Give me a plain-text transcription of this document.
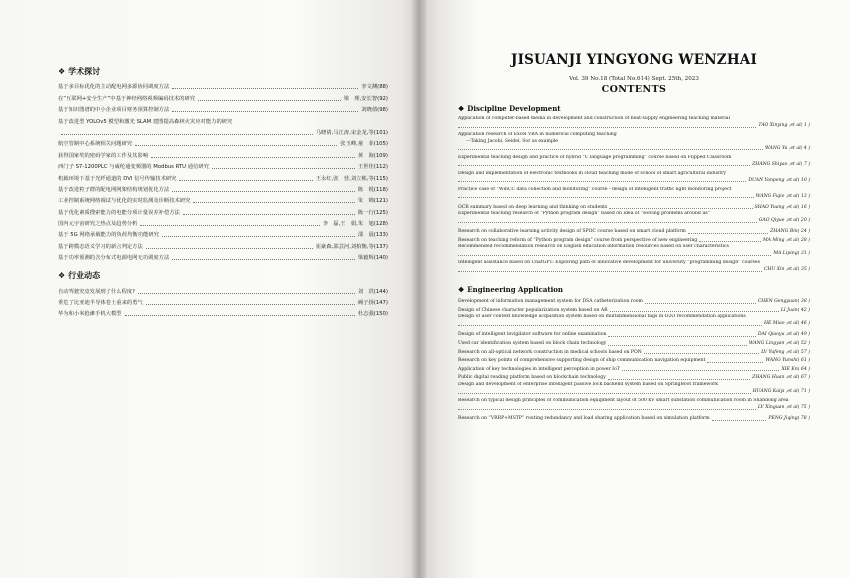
❖ 学术探讨
基于多目标优化的主动配电网多源协同调度方法	李文渊(88)
在“互联网+安全生产”中基于神经网络视频编码技术的研究	梁　理,安长智(92)
基于知识图谱的中小企业项目财务预算控制方法	刘晓倩(98)
基于改进型 YOLOv5 模型和激光 SLAM 建图提高森林火灾应对能力的研究
马晓倩,马江涛,宋金龙,等(101)
航空管制中心系统相关问题研究	张玉峰,童　菲(105)
获得国家奖的密码学家的工作及其影响	黄　海(109)
西门子 S7-1200PLC 与威纶通变频器的 Modbus RTU 通信研究	王世佳(112)
机载环境下基于光纤通道的 DVI 信号传输技术研究	王永红,张　营,刘立彬,等(115)
基于改进粒子群的配电网网架结构规划优化方法	陈　锐(118)
工业控制系统网络调试与优化的实时监测及诊断技术研究	朱　锦(121)
基于优化素质搜索能力的电能分项计量误差补偿方法	陈一行(125)
国内元宇宙研究之热点及趋势分析	李　磊,王　娟,朱　旭(128)
基于 5G 网络承载能力的负荷均衡功能研究	邵　晨(133)
基于跨模态语义学习的新言判定方法	崔豪森,邵芸河,刘柏衡,等(137)
基于功率预测的含分布式电源电网无功调度方法	梁毅辉(140)
❖ 行业动态
自动驾驶究竟发展到了什么程度?	刘　洪(144)
垂危了比亚迪半导体卷土重来的勇气	阙子扬(147)
华为和小米抢滩手机大模型	杜志强(150)
JISUANJI YINGYONG WENZHAI
Vol. 39 No.18 (Total No.614) Sept. 25th, 2023
CONTENTS
❖ Discipline Development
Application of computer-based media in development and construction of heat-supply engineering teaching material
TAO Xinying ,et al( 1 )
Application research of Excel VBA in numerical computing teaching
—Taking Jacobi, Seidel, Sor as example
WANG Ya ,et al( 4 )
Experimental teaching design and practice of hybrid “C language programming” course based on Flipped Classroom
ZHANG Shiyao ,et al( 7 )
Design and implementation of electronic textbooks in cloud teaching mode of school of smart agricultural industry
DUAN Yanpeng ,et al( 10 )
Practice case of “WinCC data collection and monitoring” course - design of intelligent traffic light monitoring project
WANG Fujie ,et al( 13 )
OCR summary based on deep learning and thinking on students	SHAO Yuang ,et al( 16 )
Experimental teaching research of “Python program design” based on idea of “solving problems around us”
GAO Qiyue ,et al( 20 )
Research on collaborative learning activity design of SPOC course based on smart cloud platform	ZHANG Bin( 24 )
Research on teaching reform of “Python program design” course from perspective of new engineering	MA Ming ,et al( 28 )
Recommended recommendation research on English education information resources based on user characteristics
MA Liping( 31 )
Intelligent assistance based on ChatGPT: Exploring path of innovative development for university “programming design” courses
CHU Xin ,et al( 35 )
❖ Engineering Application
Development of information management system for DSA catheterization room	CHEN Gengyuan( 38 )
Design of Chinese character popularization system based on AR	LI Juan( 42 )
Design of user context knowledge acquisition system based on multidimensional tags in O2O recommendation applications
HE Miao ,et al( 46 )
Design of intelligent invigilator software for online examination	DAI Qiaoyu ,et al( 49 )
Used car identification system based on block chain technology	WANG Lingyan ,et al( 52 )
Research on all-optical network construction in medical schools based on PON	LV Yufeng ,et al( 57 )
Research on key points of comprehensive supporting design of ship communication navigation equipment	WANG Yunshi( 61 )
Application of key technologies in intelligent perception in power IoT	XIE En( 64 )
Public digital reading platform based on blockchain technology	ZHANG Huan ,et al( 67 )
Design and development of enterprise intelligent passive lock backend system based on SpringBoot framework
HUANG Kaiyi ,et al( 71 )
Research on typical design principles of communication equipment layout of 500 kV smart substation communication room in Shandong area
LV Xinguan ,et al( 75 )
Research on “VRRP+MSTP” routing redundancy and load sharing application based on simulation platform	PENG Jiqing( 78 )
